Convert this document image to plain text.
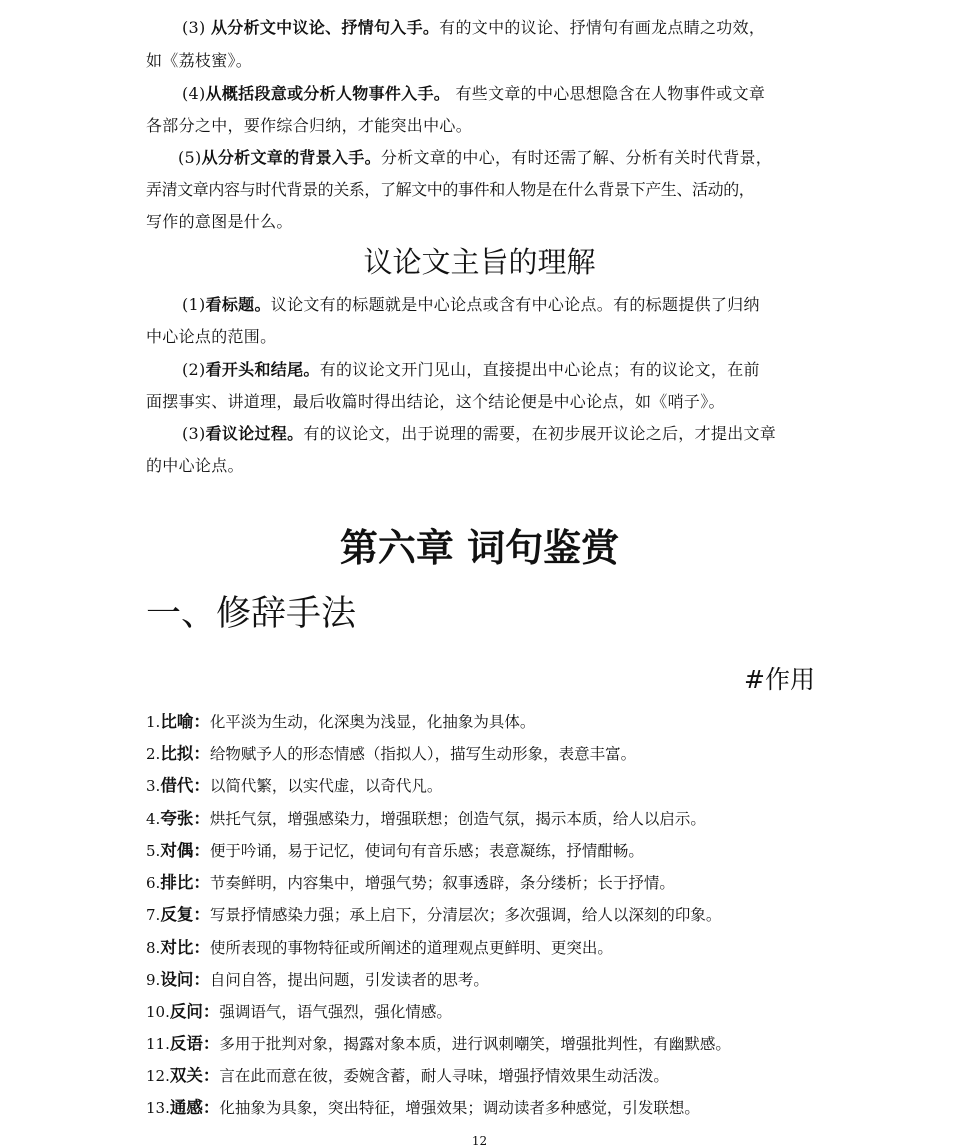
(3) 从分析文中议论、抒情句入手。有的文中的议论、抒情句有画龙点睛之功效，
如《荔枝蜜》。
(4)从概括段意或分析人物事件入手。 有些文章的中心思想隐含在人物事件或文章
各部分之中，要作综合归纳，才能突出中心。
(5)从分析文章的背景入手。分析文章的中心，有时还需了解、分析有关时代背景，
弄清文章内容与时代背景的关系，了解文中的事件和人物是在什么背景下产生、活动的，
写作的意图是什么。
议论文主旨的理解
(1)看标题。议论文有的标题就是中心论点或含有中心论点。有的标题提供了归纳
中心论点的范围。
(2)看开头和结尾。有的议论文开门见山，直接提出中心论点；有的议论文，在前
面摆事实、讲道理，最后收篇时得出结论，这个结论便是中心论点，如《哨子》。
(3)看议论过程。有的议论文，出于说理的需要，在初步展开议论之后，才提出文章
的中心论点。
第六章 词句鉴赏
一、修辞手法
#作用
1.比喻：化平淡为生动，化深奥为浅显，化抽象为具体。
2.比拟：给物赋予人的形态情感（指拟人），描写生动形象，表意丰富。
3.借代：以简代繁，以实代虚，以奇代凡。
4.夸张：烘托气氛，增强感染力，增强联想；创造气氛，揭示本质，给人以启示。
5.对偶：便于吟诵，易于记忆，使词句有音乐感；表意凝练，抒情酣畅。
6.排比：节奏鲜明，内容集中，增强气势；叙事透辟，条分缕析；长于抒情。
7.反复：写景抒情感染力强；承上启下，分清层次；多次强调，给人以深刻的印象。
8.对比：使所表现的事物特征或所阐述的道理观点更鲜明、更突出。
9.设问：自问自答，提出问题，引发读者的思考。
10.反问：强调语气，语气强烈，强化情感。
11.反语：多用于批判对象，揭露对象本质，进行讽刺嘲笑，增强批判性，有幽默感。
12.双关：言在此而意在彼，委婉含蓄，耐人寻味，增强抒情效果生动活泼。
13.通感：化抽象为具象，突出特征，增强效果；调动读者多种感觉，引发联想。
12
